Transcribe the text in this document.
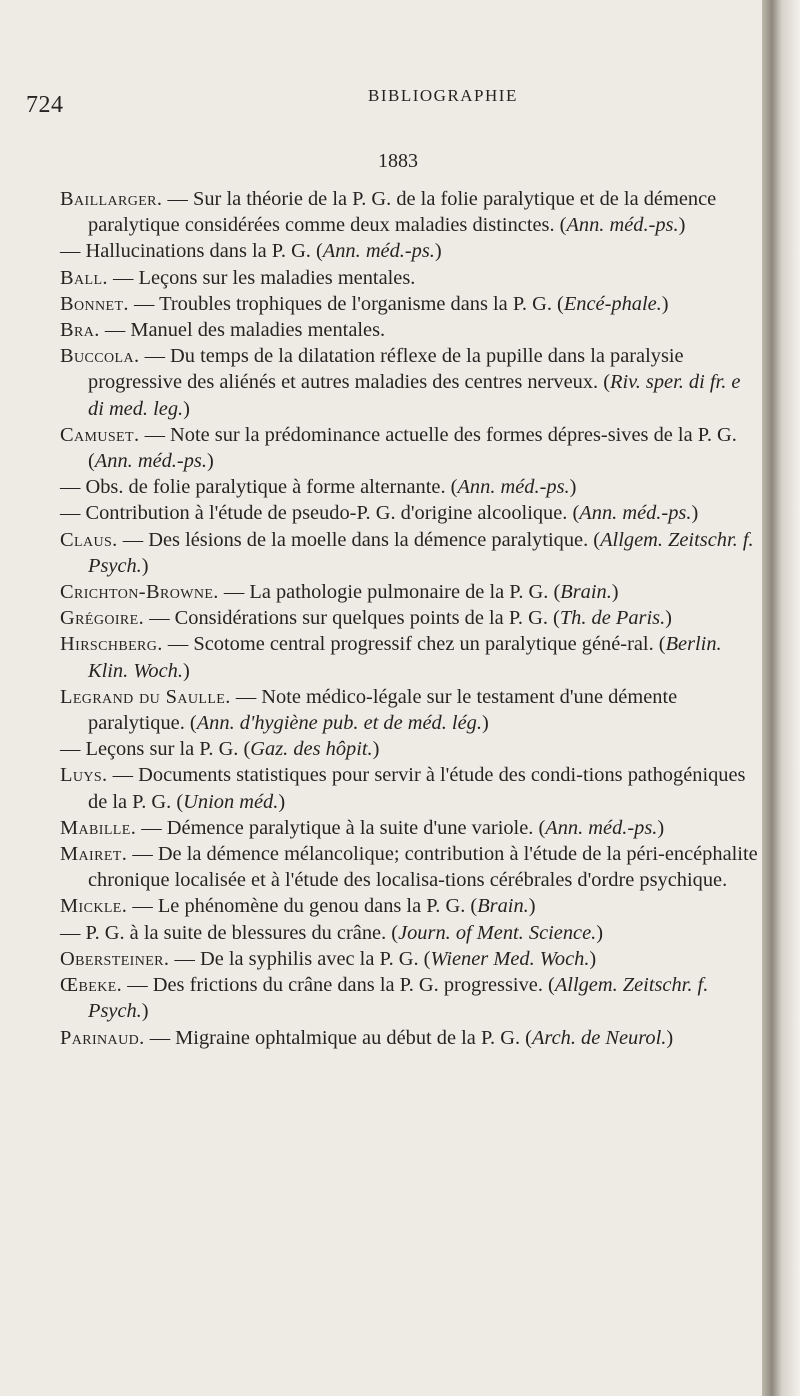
724	BIBLIOGRAPHIE
1883
Baillarger. — Sur la théorie de la P. G. de la folie paralytique et de la démence paralytique considérées comme deux maladies distinctes. (Ann. méd.-ps.)
— Hallucinations dans la P. G. (Ann. méd.-ps.)
Ball. — Leçons sur les maladies mentales.
Bonnet. — Troubles trophiques de l'organisme dans la P. G. (Encé-phale.)
Bra. — Manuel des maladies mentales.
Buccola. — Du temps de la dilatation réflexe de la pupille dans la paralysie progressive des aliénés et autres maladies des centres nerveux. (Riv. sper. di fr. e di med. leg.)
Camuset. — Note sur la prédominance actuelle des formes dépres-sives de la P. G. (Ann. méd.-ps.)
— Obs. de folie paralytique à forme alternante. (Ann. méd.-ps.)
— Contribution à l'étude de pseudo-P. G. d'origine alcoolique. (Ann. méd.-ps.)
Claus. — Des lésions de la moelle dans la démence paralytique. (Allgem. Zeitschr. f. Psych.)
Crichton-Browne. — La pathologie pulmonaire de la P. G. (Brain.)
Grégoire. — Considérations sur quelques points de la P. G. (Th. de Paris.)
Hirschberg. — Scotome central progressif chez un paralytique géné-ral. (Berlin. Klin. Woch.)
Legrand du Saulle. — Note médico-légale sur le testament d'une démente paralytique. (Ann. d'hygiène pub. et de méd. lég.)
— Leçons sur la P. G. (Gaz. des hôpit.)
Luys. — Documents statistiques pour servir à l'étude des condi-tions pathogéniques de la P. G. (Union méd.)
Mabille. — Démence paralytique à la suite d'une variole. (Ann. méd.-ps.)
Mairet. — De la démence mélancolique; contribution à l'étude de la péri-encéphalite chronique localisée et à l'étude des localisa-tions cérébrales d'ordre psychique.
Mickle. — Le phénomène du genou dans la P. G. (Brain.)
— P. G. à la suite de blessures du crâne. (Journ. of Ment. Science.)
Obersteiner. — De la syphilis avec la P. G. (Wiener Med. Woch.)
Œbeke. — Des frictions du crâne dans la P. G. progressive. (Allgem. Zeitschr. f. Psych.)
Parinaud. — Migraine ophtalmique au début de la P. G. (Arch. de Neurol.)
